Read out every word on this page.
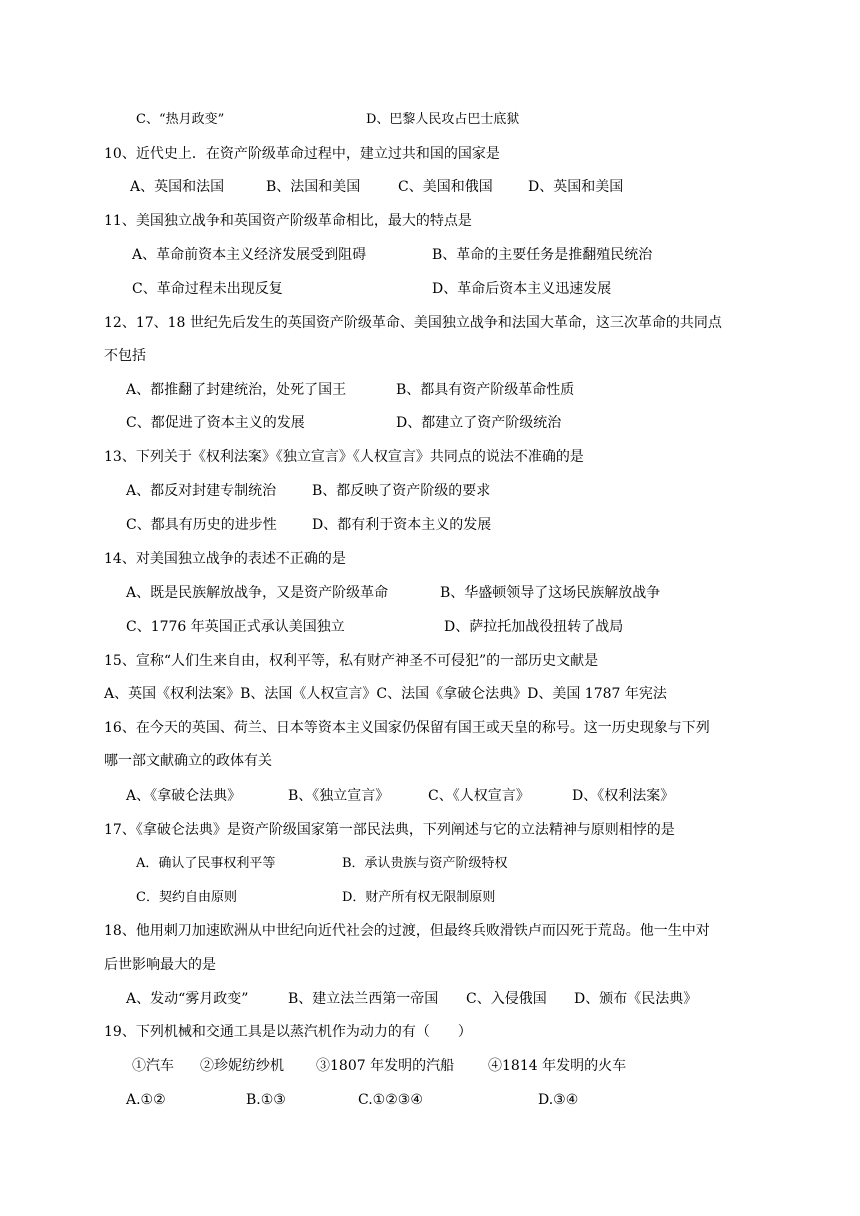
C、“热月政变”	D、巴黎人民攻占巴士底狱
10、近代史上．在资产阶级革命过程中，建立过共和国的国家是
A、英国和法国	B、法国和美国	C、美国和俄国	D、英国和美国
11、美国独立战争和英国资产阶级革命相比，最大的特点是
A、革命前资本主义经济发展受到阻碍	B、革命的主要任务是推翻殖民统治
C、革命过程未出现反复	D、革命后资本主义迅速发展
12、17、18 世纪先后发生的英国资产阶级革命、美国独立战争和法国大革命，这三次革命的共同点
不包括
A、都推翻了封建统治，处死了国王	B、都具有资产阶级革命性质
C、都促进了资本主义的发展	D、都建立了资产阶级统治
13、下列关于《权利法案》《独立宣言》《人权宣言》共同点的说法不准确的是
A、都反对封建专制统治	B、都反映了资产阶级的要求
C、都具有历史的进步性	D、都有利于资本主义的发展
14、对美国独立战争的表述不正确的是
A、既是民族解放战争，又是资产阶级革命	B、华盛顿领导了这场民族解放战争
C、1776 年英国正式承认美国独立	D、萨拉托加战役扭转了战局
15、宣称“人们生来自由，权利平等，私有财产神圣不可侵犯”的一部历史文献是
A、英国《权利法案》B、法国《人权宣言》C、法国《拿破仑法典》D、美国 1787 年宪法
16、在今天的英国、荷兰、日本等资本主义国家仍保留有国王或天皇的称号。这一历史现象与下列
哪一部文献确立的政体有关
A、《拿破仑法典》	B、《独立宣言》	C、《人权宣言》	D、《权利法案》
17、《拿破仑法典》是资产阶级国家第一部民法典，下列阐述与它的立法精神与原则相悖的是
A．确认了民事权利平等	B．承认贵族与资产阶级特权
C．契约自由原则	D．财产所有权无限制原则
18、他用刺刀加速欧洲从中世纪向近代社会的过渡，但最终兵败滑铁卢而囚死于荒岛。他一生中对
后世影响最大的是
A、发动“雾月政变”	B、建立法兰西第一帝国 C、入侵俄国 D、颁布《民法典》
19、下列机械和交通工具是以蒸汽机作为动力的有（　　）
①汽车 ②珍妮纺纱机 ③1807 年发明的汽船 ④1814 年发明的火车
A.①②	B.①③	C.①②③④	D.③④
